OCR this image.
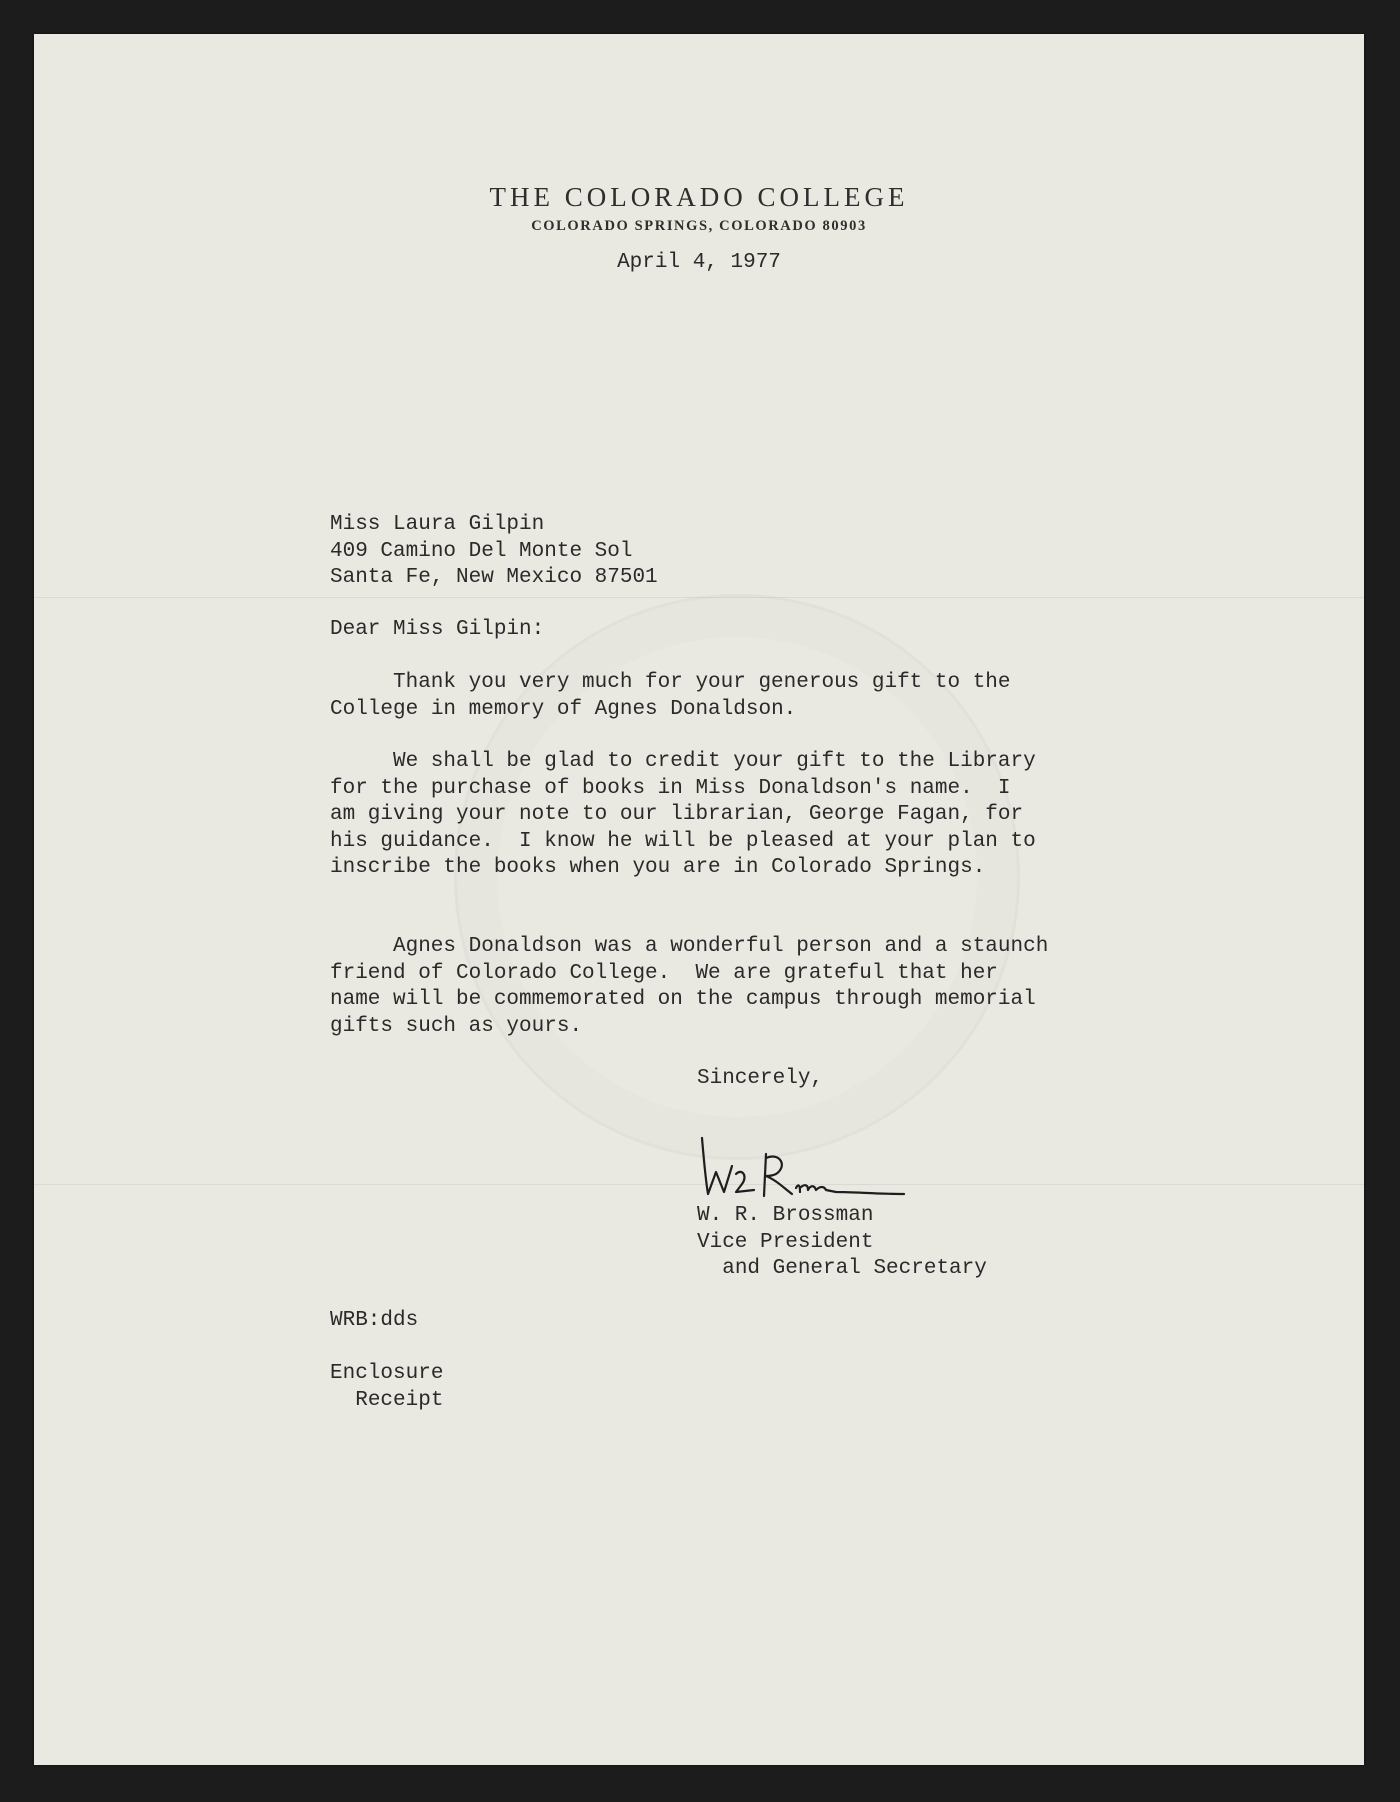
THE COLORADO COLLEGE
COLORADO SPRINGS, COLORADO 80903
April 4, 1977
Miss Laura Gilpin
409 Camino Del Monte Sol
Santa Fe, New Mexico 87501
Dear Miss Gilpin:
Thank you very much for your generous gift to the
College in memory of Agnes Donaldson.
We shall be glad to credit your gift to the Library
for the purchase of books in Miss Donaldson's name.  I
am giving your note to our librarian, George Fagan, for
his guidance.  I know he will be pleased at your plan to
inscribe the books when you are in Colorado Springs.
Agnes Donaldson was a wonderful person and a staunch
friend of Colorado College.  We are grateful that her
name will be commemorated on the campus through memorial
gifts such as yours.
Sincerely,
W. R. Brossman
Vice President
and General Secretary
WRB:dds
Enclosure
Receipt
